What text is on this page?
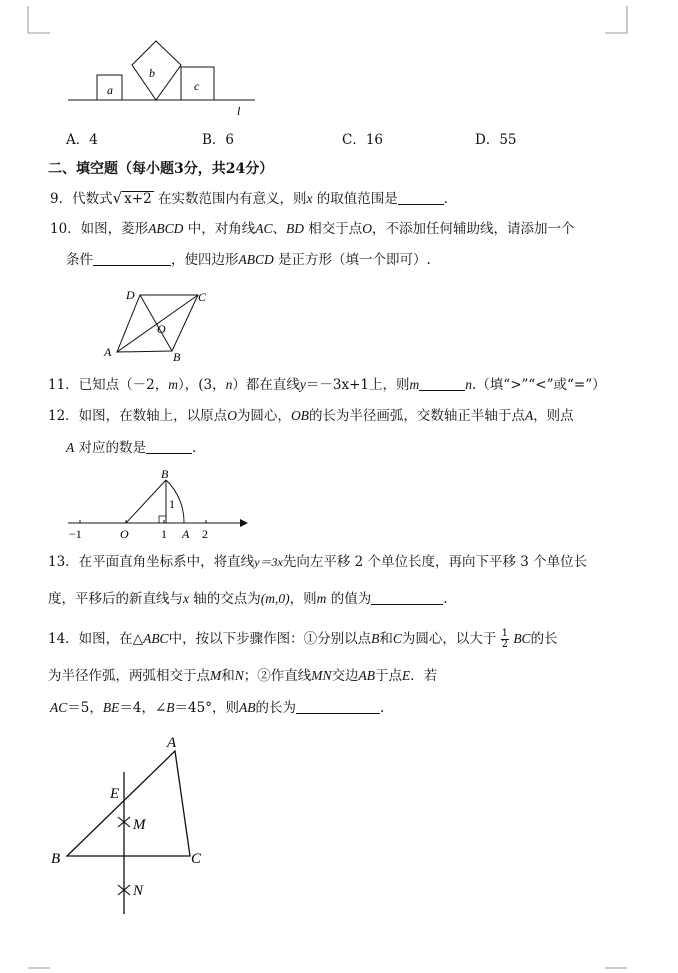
a
b
c
l
A．4	B．6	C．16	D．55
二、填空题（每小题3分，共24分）
9．代数式√ x+2 在实数范围内有意义，则x 的取值范围是	．
10．如图，菱形ABCD 中，对角线AC、BD 相交于点O，不添加任何辅助线，请添加一个
条件	，使四边形ABCD 是正方形（填一个即可）.
A	B
C
D
O
11．已知点（－2，m），(3，n）都在直线y＝－3x+1上，则m	n.（填“>”“<”或“=”）
12．如图，在数轴上，以原点O为圆心，OB的长为半径画弧，交数轴正半轴于点A，则点
A 对应的数是	.
−1	O	1 A 2
B
1
13．在平面直角坐标系中，将直线y＝3x先向左平移 2 个单位长度，再向下平移 3 个单位长
度，平移后的新直线与x 轴的交点为(m,0)，则m 的值为	.
14．如图，在△ABC中，按以下步骤作图：①分别以点B和C为圆心，以大于 $\frac{1}{2}$ BC的长
为半径作弧，两弧相交于点M和N；②作直线MN交边AB于点E．若
AC＝5，BE＝4，∠B＝45°，则AB的长为	.
A
B	C
E
M
N
